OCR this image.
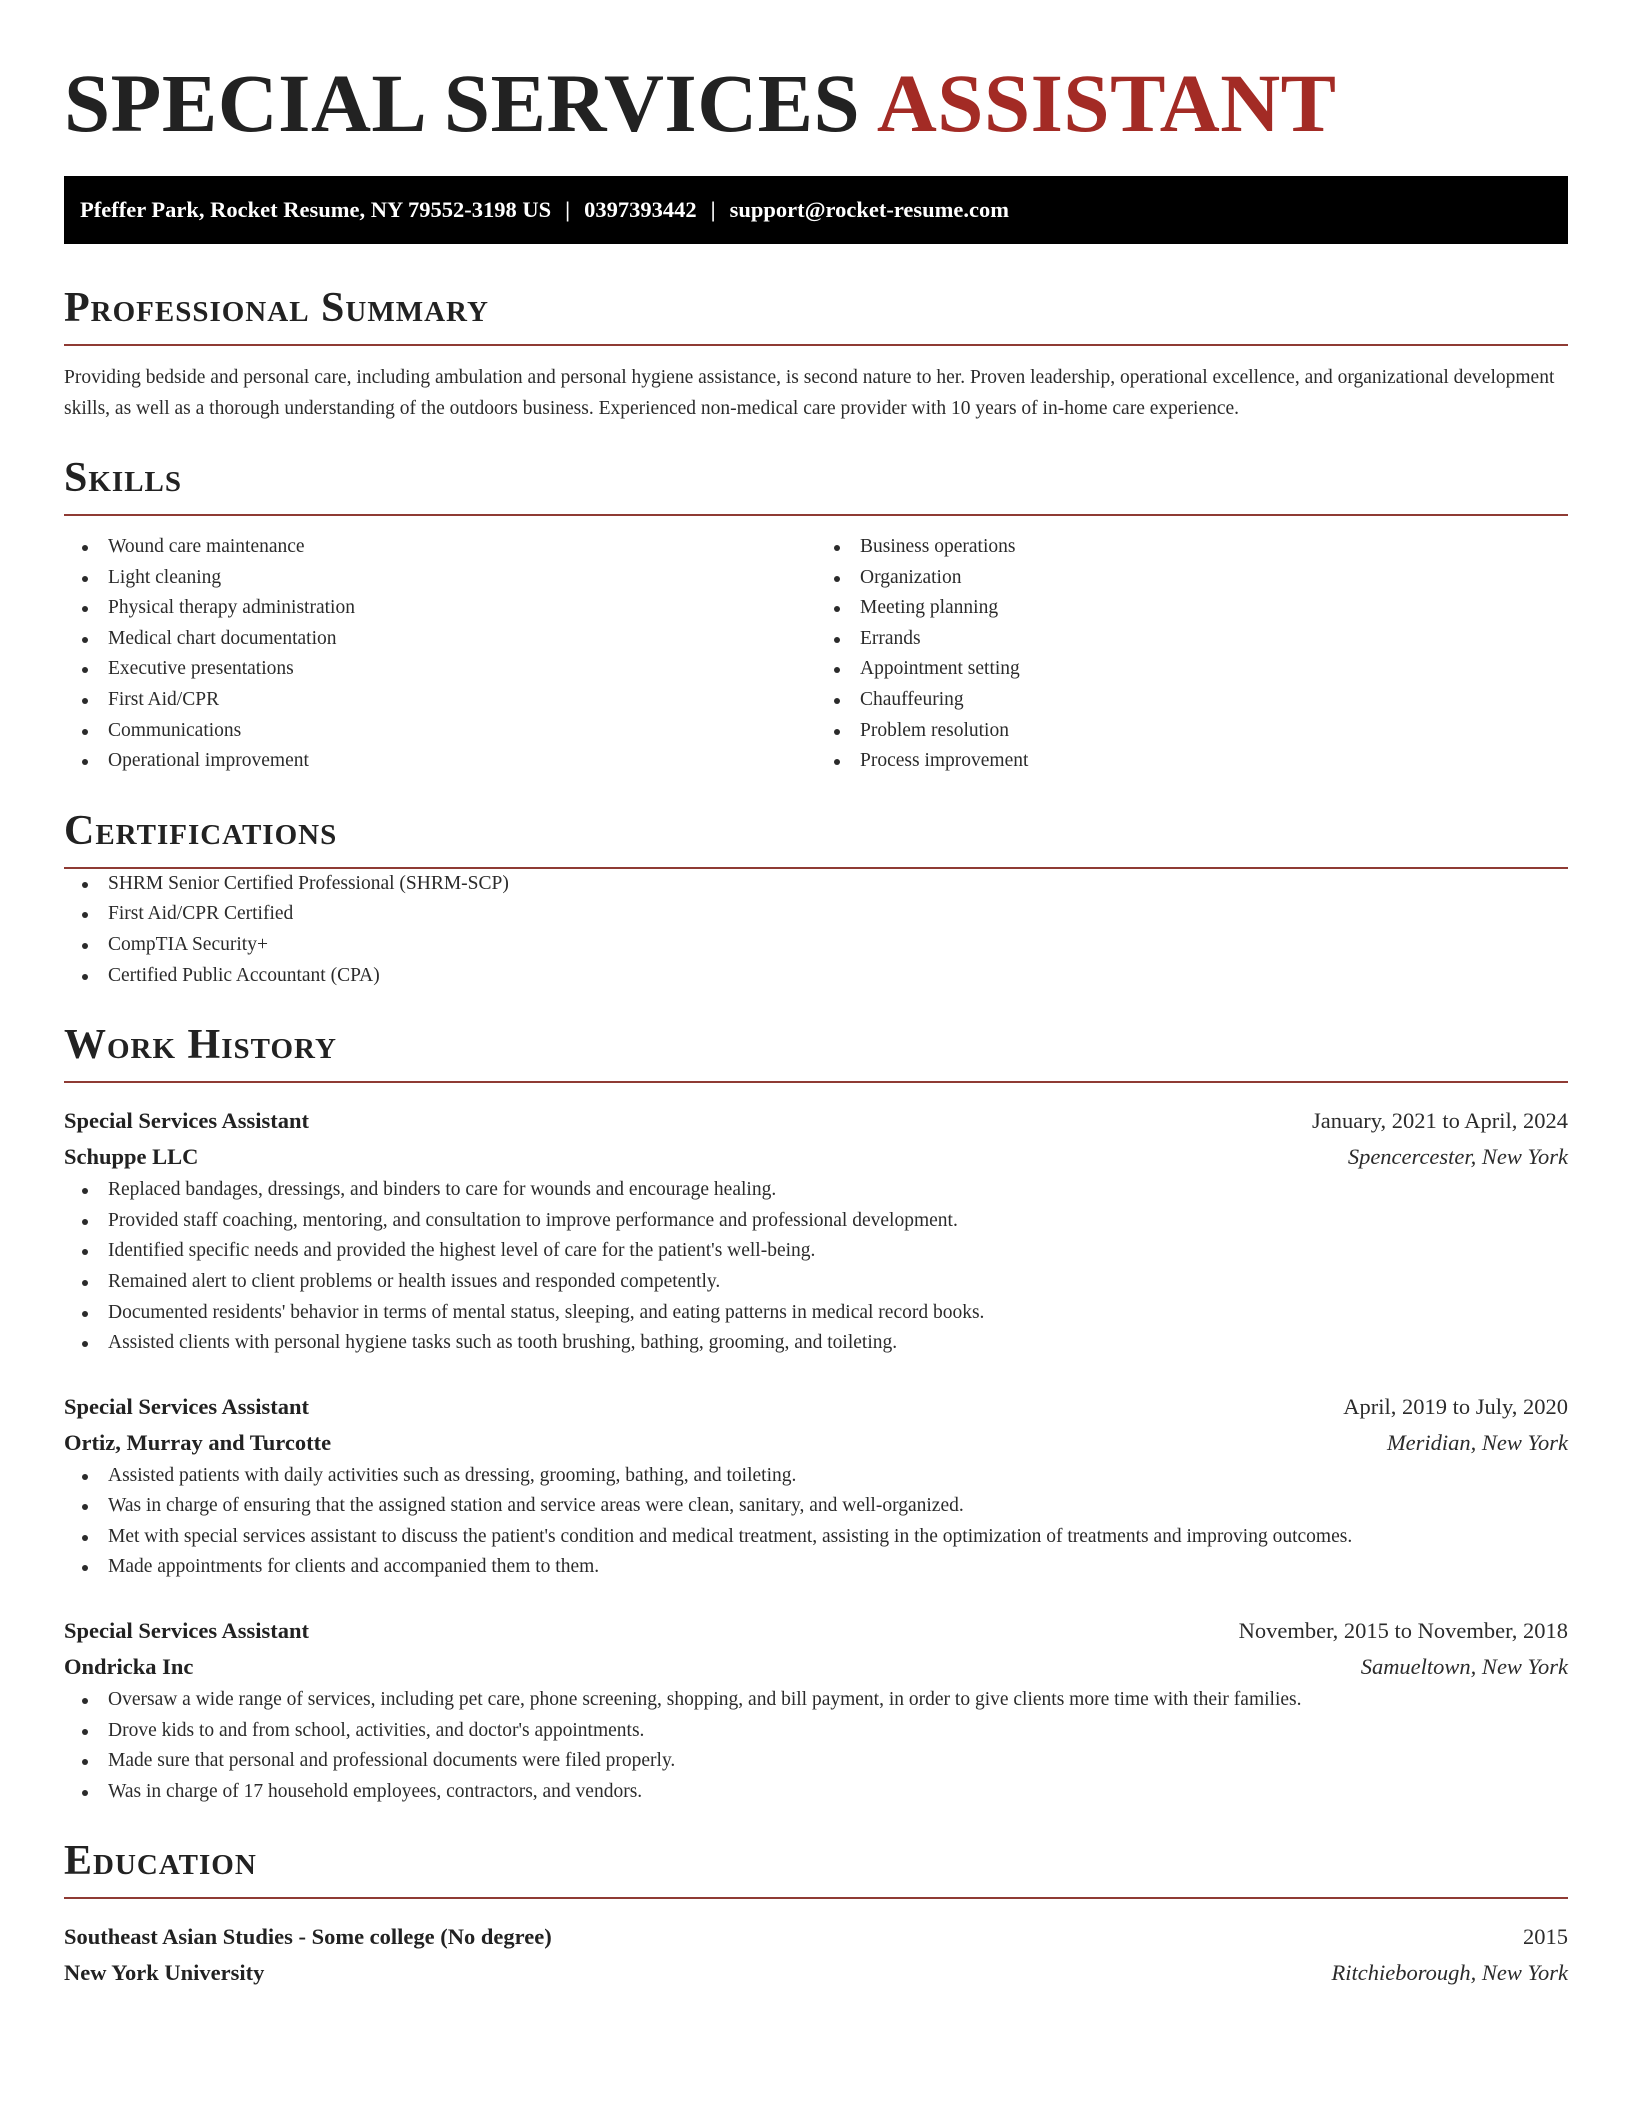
SPECIAL SERVICES ASSISTANT
Pfeffer Park, Rocket Resume, NY 79552-3198 US | 0397393442 | support@rocket-resume.com
Professional Summary

Providing bedside and personal care, including ambulation and personal hygiene assistance, is second nature to her. Proven leadership, operational excellence, and organizational development skills, as well as a thorough understanding of the outdoors business. Experienced non-medical care provider with 10 years of in-home care experience.

Skills
Wound care maintenance
Light cleaning
Physical therapy administration
Medical chart documentation
Executive presentations
First Aid/CPR
Communications
Operational improvement
Business operations
Organization
Meeting planning
Errands
Appointment setting
Chauffeuring
Problem resolution
Process improvement
Certifications
SHRM Senior Certified Professional (SHRM-SCP)
First Aid/CPR Certified
CompTIA Security+
Certified Public Accountant (CPA)
Work History
Special Services Assistant	January, 2021 to April, 2024
Schuppe LLC	Spencercester, New York
Replaced bandages, dressings, and binders to care for wounds and encourage healing.
Provided staff coaching, mentoring, and consultation to improve performance and professional development.
Identified specific needs and provided the highest level of care for the patient's well-being.
Remained alert to client problems or health issues and responded competently.
Documented residents' behavior in terms of mental status, sleeping, and eating patterns in medical record books.
Assisted clients with personal hygiene tasks such as tooth brushing, bathing, grooming, and toileting.
Special Services Assistant	April, 2019 to July, 2020
Ortiz, Murray and Turcotte	Meridian, New York
Assisted patients with daily activities such as dressing, grooming, bathing, and toileting.
Was in charge of ensuring that the assigned station and service areas were clean, sanitary, and well-organized.
Met with special services assistant to discuss the patient's condition and medical treatment, assisting in the optimization of treatments and improving outcomes.
Made appointments for clients and accompanied them to them.
Special Services Assistant	November, 2015 to November, 2018
Ondricka Inc	Samueltown, New York
Oversaw a wide range of services, including pet care, phone screening, shopping, and bill payment, in order to give clients more time with their families.
Drove kids to and from school, activities, and doctor's appointments.
Made sure that personal and professional documents were filed properly.
Was in charge of 17 household employees, contractors, and vendors.
Education
Southeast Asian Studies - Some college (No degree)	2015
New York University	Ritchieborough, New York
